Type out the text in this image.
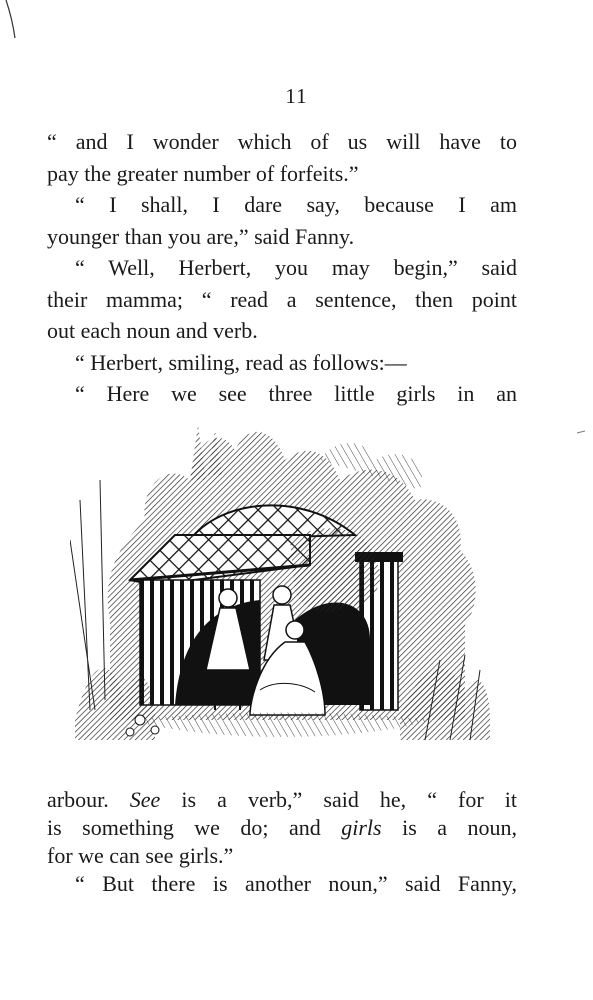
11
“ and I wonder which of us will have to
pay the greater number of forfeits.”
“ I shall, I dare say, because I am
younger than you are,” said Fanny.
“ Well, Herbert, you may begin,” said
their mamma; “ read a sentence, then point
out each noun and verb.
“ Herbert, smiling, read as follows:—
“ Here we see three little girls in an
arbour. See is a verb,” said he, “ for it
is something we do; and girls is a noun,
for we can see girls.”
“ But there is another noun,” said Fanny,
